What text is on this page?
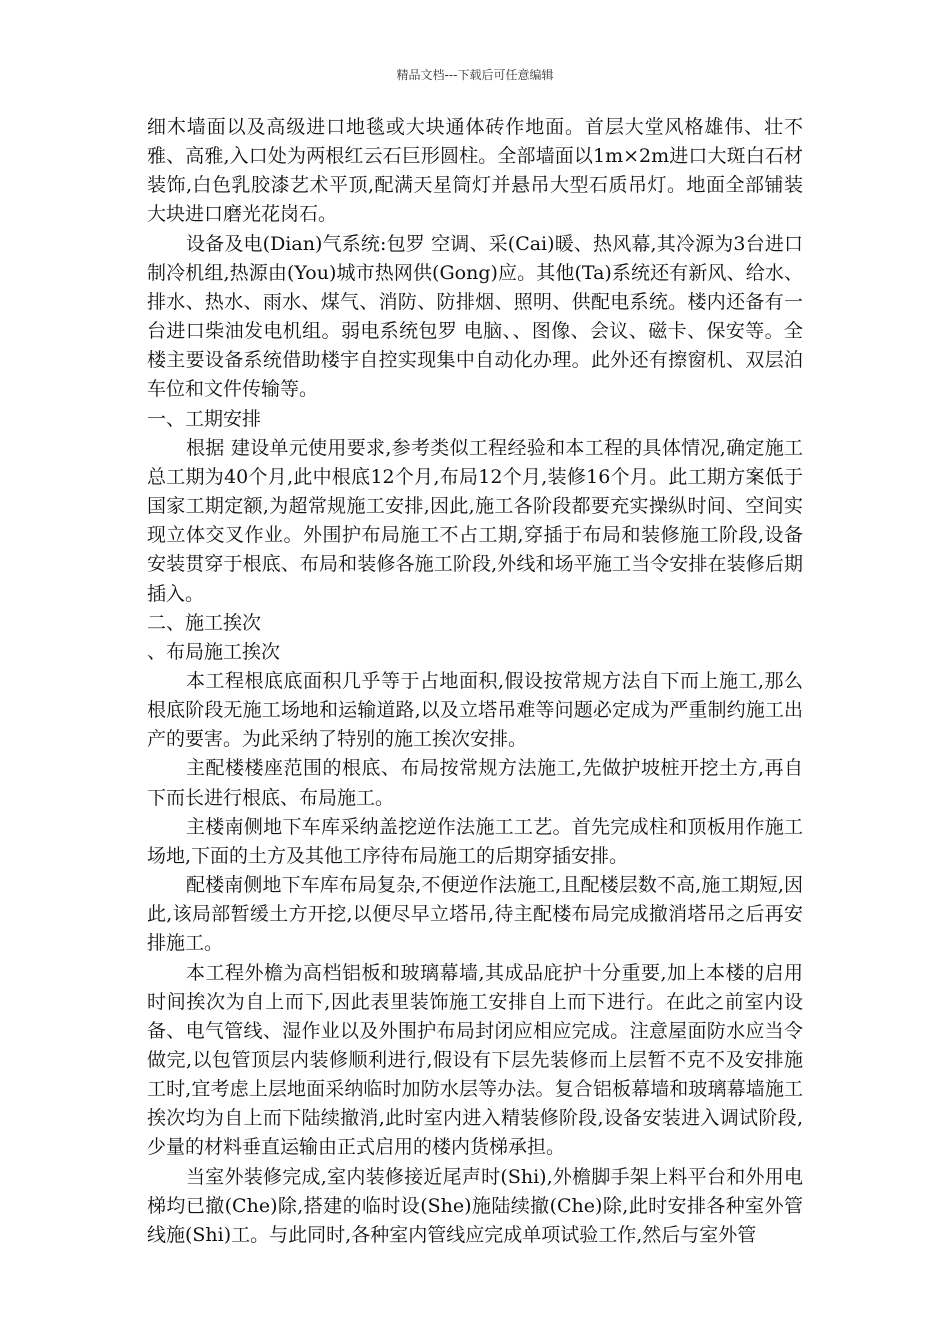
精品文档---下载后可任意编辑

细木墙面以及高级进口地毯或大块通体砖作地面。首层大堂风格雄伟、壮不雅、高雅,入口处为两根红云石巨形圆柱。全部墙面以1m×2m进口大斑白石材装饰,白色乳胶漆艺术平顶,配满天星筒灯并悬吊大型石质吊灯。地面全部铺装大块进口磨光花岗石。

设备及电(Dian)气系统:包罗 空调、采(Cai)暖、热风幕,其冷源为3台进口制冷机组,热源由(You)城市热网供(Gong)应。其他(Ta)系统还有新风、给水、排水、热水、雨水、煤气、消防、防排烟、照明、供配电系统。楼内还备有一台进口柴油发电机组。弱电系统包罗 电脑、、图像、会议、磁卡、保安等。全楼主要设备系统借助楼宇自控实现集中自动化办理。此外还有擦窗机、双层泊车位和文件传输等。

一、工期安排

根据 建设单元使用要求,参考类似工程经验和本工程的具体情况,确定施工总工期为40个月,此中根底12个月,布局12个月,装修16个月。此工期方案低于国家工期定额,为超常规施工安排,因此,施工各阶段都要充实操纵时间、空间实现立体交叉作业。外围护布局施工不占工期,穿插于布局和装修施工阶段,设备安装贯穿于根底、布局和装修各施工阶段,外线和场平施工当令安排在装修后期插入。

二、施工挨次

、布局施工挨次

本工程根底底面积几乎等于占地面积,假设按常规方法自下而上施工,那么根底阶段无施工场地和运输道路,以及立塔吊难等问题必定成为严重制约施工出产的要害。为此采纳了特别的施工挨次安排。

主配楼楼座范围的根底、布局按常规方法施工,先做护坡桩开挖土方,再自下而长进行根底、布局施工。

主楼南侧地下车库采纳盖挖逆作法施工工艺。首先完成柱和顶板用作施工场地,下面的土方及其他工序待布局施工的后期穿插安排。

配楼南侧地下车库布局复杂,不便逆作法施工,且配楼层数不高,施工期短,因此,该局部暂缓土方开挖,以便尽早立塔吊,待主配楼布局完成撤消塔吊之后再安排施工。

本工程外檐为高档铝板和玻璃幕墙,其成品庇护十分重要,加上本楼的启用时间挨次为自上而下,因此表里装饰施工安排自上而下进行。在此之前室内设备、电气管线、湿作业以及外围护布局封闭应相应完成。注意屋面防水应当令做完,以包管顶层内装修顺利进行,假设有下层先装修而上层暂不克不及安排施工时,宜考虑上层地面采纳临时加防水层等办法。复合铝板幕墙和玻璃幕墙施工挨次均为自上而下陆续撤消,此时室内进入精装修阶段,设备安装进入调试阶段,少量的材料垂直运输由正式启用的楼内货梯承担。

当室外装修完成,室内装修接近尾声时(Shi),外檐脚手架上料平台和外用电梯均已撤(Che)除,搭建的临时设(She)施陆续撤(Che)除,此时安排各种室外管线施(Shi)工。与此同时,各种室内管线应完成单项试验工作,然后与室外管
